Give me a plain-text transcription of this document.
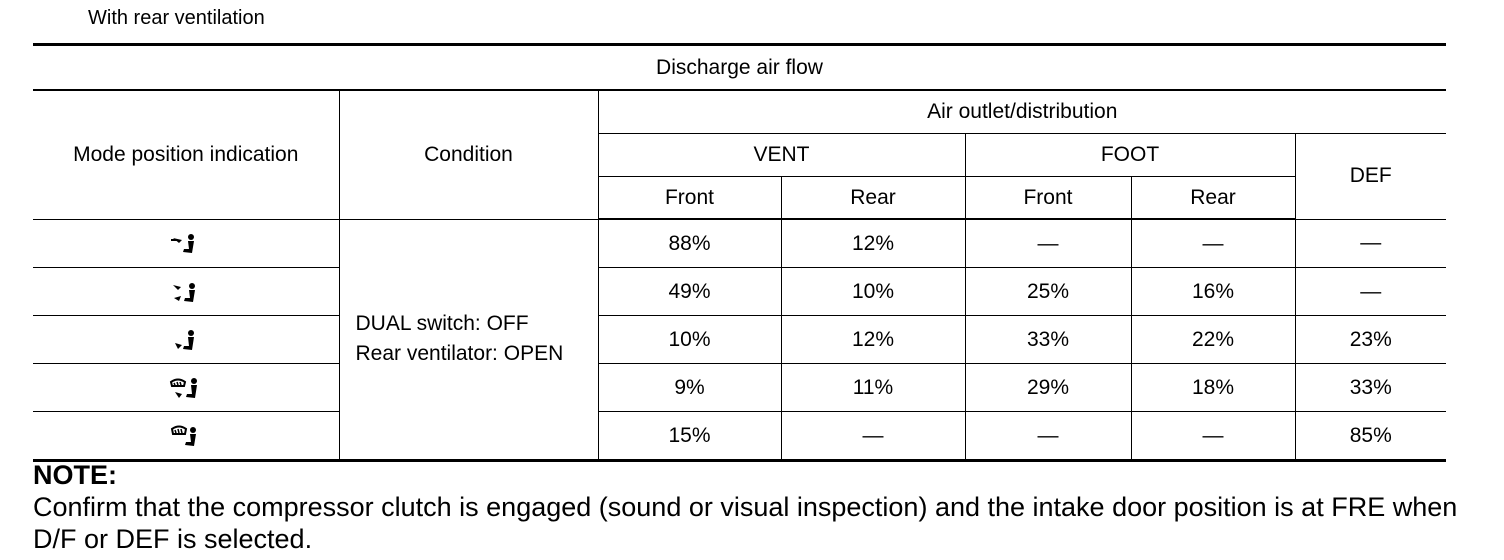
With rear ventilation
Discharge air flow						
Mode position indication	Condition	Air outlet/distribution				
		VENT		FOOT		DEF
		Front	Rear	Front	Rear	

DUAL switch: OFF
Rear ventilator: OPEN	88%	12%	—	—	—
	49%	10%	25%	16%	—
	10%	12%	33%	22%	23%
	9%	11%	29%	18%	33%
	15%	—	—	—	85%
NOTE:
Confirm that the compressor clutch is engaged (sound or visual inspection) and the intake door position is at FRE when D/F or DEF is selected.
